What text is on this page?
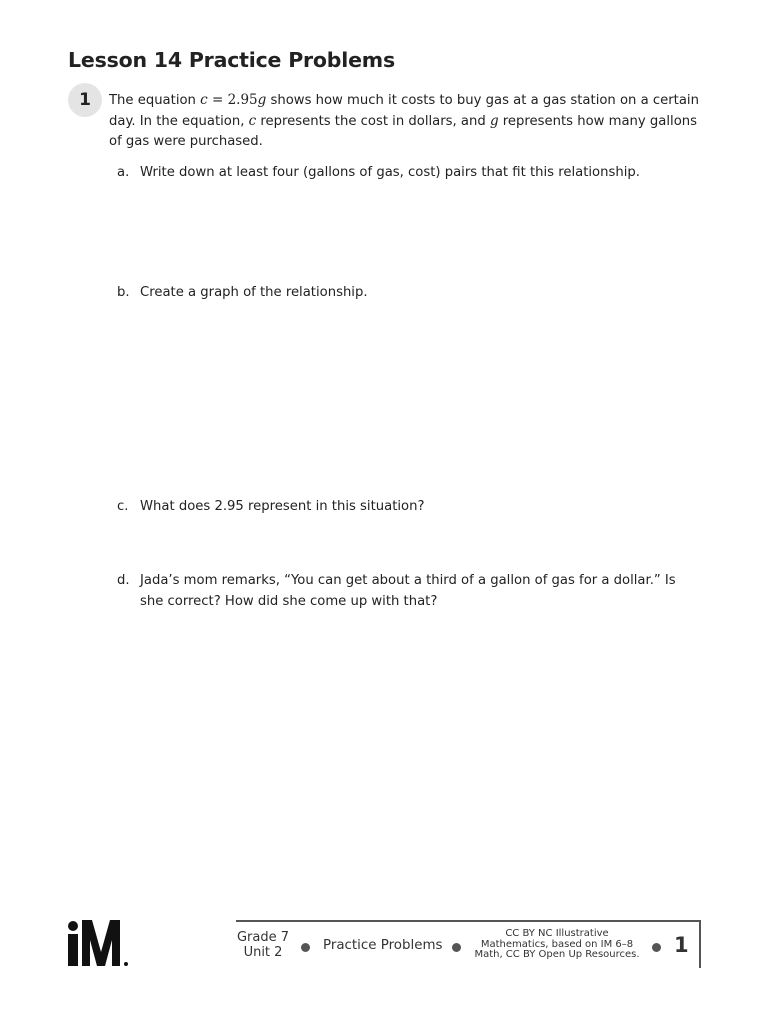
Lesson 14 Practice Problems
1	The equation c = 2.95g shows how much it costs to buy gas at a gas station on a certain day. In the equation, c represents the cost in dollars, and g represents how many gallons of gas were purchased.
a. Write down at least four (gallons of gas, cost) pairs that fit this relationship.
b. Create a graph of the relationship.
c. What does 2.95 represent in this situation?
d. Jada’s mom remarks, “You can get about a third of a gallon of gas for a dollar.” Is she correct? How did she come up with that?
Grade 7
Unit 2	Practice Problems
CC BY NC Illustrative
Mathematics, based on IM 6–8
Math, CC BY Open Up Resources. 1
